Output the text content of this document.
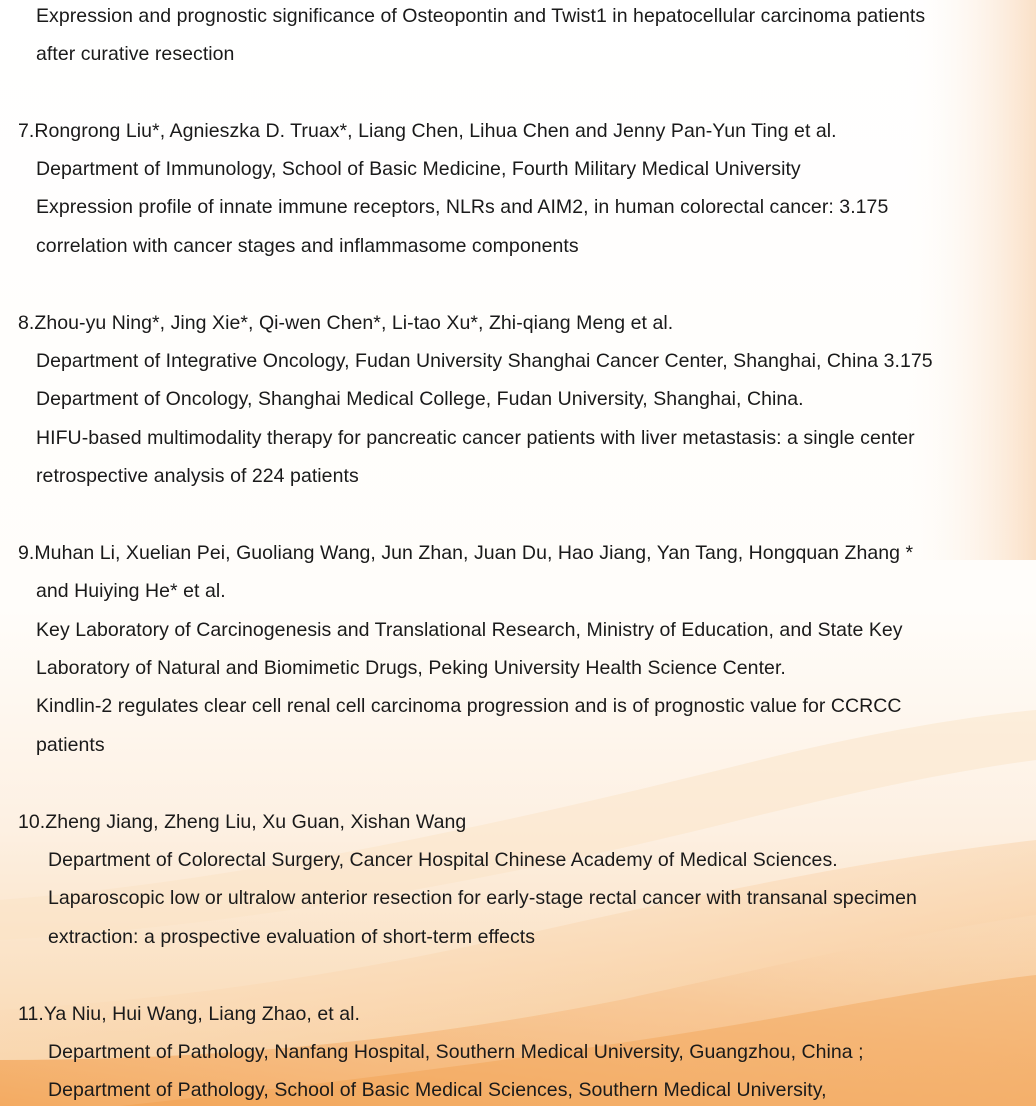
Expression and prognostic significance of Osteopontin and Twist1 in hepatocellular carcinoma patients
after curative resection
7.Rongrong Liu*, Agnieszka D. Truax*, Liang Chen, Lihua Chen and Jenny Pan-Yun Ting et al.
Department of Immunology, School of Basic Medicine, Fourth Military Medical University
Expression profile of innate immune receptors, NLRs and AIM2, in human colorectal cancer: 3.175
correlation with cancer stages and inflammasome components
8.Zhou-yu Ning*, Jing Xie*, Qi-wen Chen*, Li-tao Xu*, Zhi-qiang Meng et al.
Department of Integrative Oncology, Fudan University Shanghai Cancer Center, Shanghai, China 3.175
Department of Oncology, Shanghai Medical College, Fudan University, Shanghai, China.
HIFU-based multimodality therapy for pancreatic cancer patients with liver metastasis: a single center
retrospective analysis of 224 patients
9.Muhan Li, Xuelian Pei, Guoliang Wang, Jun Zhan, Juan Du, Hao Jiang, Yan Tang, Hongquan Zhang *
and Huiying He* et al.
Key Laboratory of Carcinogenesis and Translational Research, Ministry of Education, and State Key
Laboratory of Natural and Biomimetic Drugs, Peking University Health Science Center.
Kindlin-2 regulates clear cell renal cell carcinoma progression and is of prognostic value for CCRCC
patients
10.Zheng Jiang, Zheng Liu, Xu Guan, Xishan Wang
Department of Colorectal Surgery, Cancer Hospital Chinese Academy of Medical Sciences.
Laparoscopic low or ultralow anterior resection for early-stage rectal cancer with transanal specimen
extraction: a prospective evaluation of short-term effects
11.Ya Niu, Hui Wang, Liang Zhao, et al.
Department of Pathology, Nanfang Hospital, Southern Medical University, Guangzhou, China ;
Department of Pathology, School of Basic Medical Sciences, Southern Medical University,
